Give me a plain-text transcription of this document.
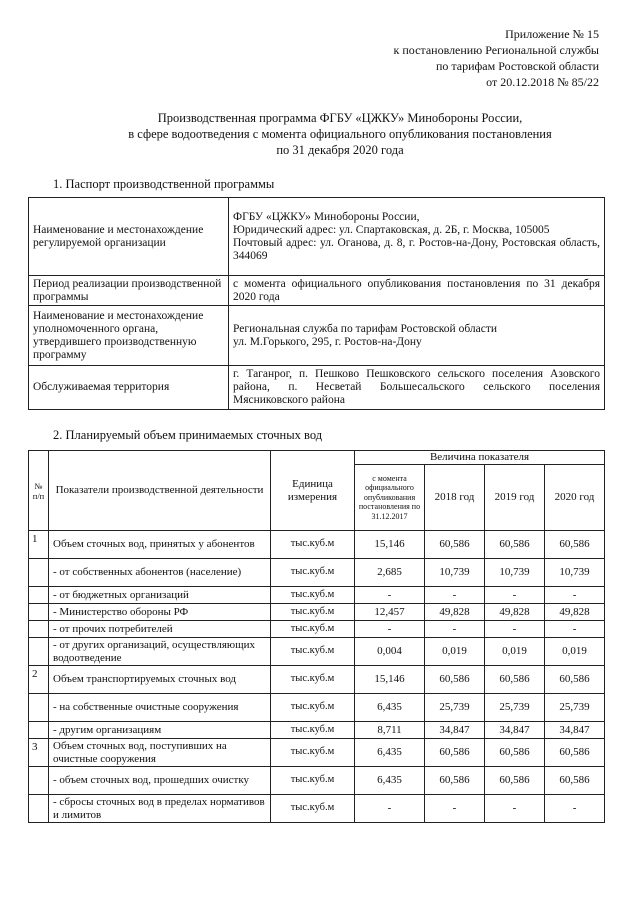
Приложение № 15
к постановлению Региональной службы
по тарифам Ростовской области
от 20.12.2018 № 85/22
Производственная программа ФГБУ «ЦЖКУ» Минобороны России,
в сфере водоотведения с момента официального опубликования постановления
по 31 декабря 2020 года
1. Паспорт производственной программы
Наименование и местонахождение регулируемой организации	ФГБУ «ЦЖКУ» Минобороны России,
Юридический адрес: ул. Спартаковская, д. 2Б, г. Москва, 105005
Почтовый адрес: ул. Оганова, д. 8, г. Ростов-на-Дону, Ростовская область, 344069

Период реализации производственной программы	с момента официального опубликования постановления по 31 декабря 2020 года

Наименование и местонахождение уполномоченного органа, утвердившего производственную программу	Региональная служба по тарифам Ростовской области
ул. М.Горького, 295, г. Ростов-на-Дону

Обслуживаемая территория	г. Таганрог, п. Пешково Пешковского сельского поселения Азовского района, п. Несветай Большесальского сельского поселения Мясниковского района
2. Планируемый объем принимаемых сточных вод
№ п/п	Показатели производственной деятельности	Единица измерения	Величина показателя			
			с момента официального опубликования постановления по 31.12.2017	2018 год	2019 год	2020 год
1	Объем сточных вод, принятых у абонентов	тыс.куб.м	15,146	60,586	60,586	60,586
	- от собственных абонентов (население)	тыс.куб.м	2,685	10,739	10,739	10,739
	- от бюджетных организаций	тыс.куб.м	-	-	-	-
	- Министерство обороны РФ	тыс.куб.м	12,457	49,828	49,828	49,828
	- от прочих потребителей	тыс.куб.м	-	-	-	-
	- от других организаций, осуществляющих водоотведение	тыс.куб.м	0,004	0,019	0,019	0,019
2	Объем транспортируемых сточных вод	тыс.куб.м	15,146	60,586	60,586	60,586
	- на собственные очистные сооружения	тыс.куб.м	6,435	25,739	25,739	25,739
	- другим организациям	тыс.куб.м	8,711	34,847	34,847	34,847
3	Объем сточных вод, поступивших на очистные сооружения	тыс.куб.м	6,435	60,586	60,586	60,586
	- объем сточных вод, прошедших очистку	тыс.куб.м	6,435	60,586	60,586	60,586
	- сбросы сточных вод в пределах нормативов и лимитов	тыс.куб.м	-	-	-	-
